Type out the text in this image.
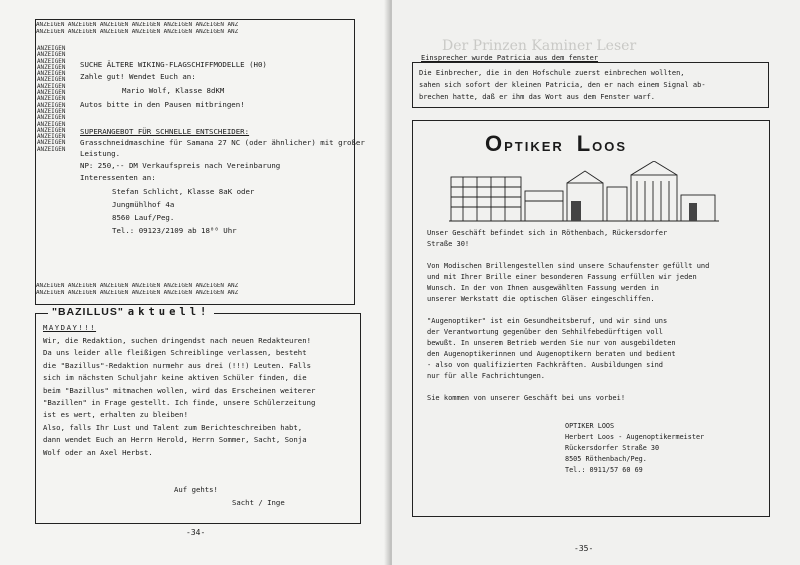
ANZEIGEN ANZEIGEN ANZEIGEN ANZEIGEN ANZEIGEN ANZEIGEN ANZ
ANZEIGEN ANZEIGEN ANZEIGEN ANZEIGEN ANZEIGEN ANZEIGEN ANZ
ANZEIGEN ANZEIGEN ANZEIGEN ANZEIGEN ANZEIGEN ANZEIGEN ANZEIGEN ANZEIGEN ANZEIGEN ANZEIGEN ANZEIGEN ANZEIGEN ANZEIGEN ANZEIGEN ANZEIGEN ANZEIGEN ANZEIGEN
ANZEIGEN ANZEIGEN ANZEIGEN ANZEIGEN ANZEIGEN ANZEIGEN ANZ
ANZEIGEN ANZEIGEN ANZEIGEN ANZEIGEN ANZEIGEN ANZEIGEN ANZ
SUCHE ÄLTERE WIKING-FLAGSCHIFFMODELLE (H0)
Zahle gut! Wendet Euch an:
Mario Wolf, Klasse 8dKM
Autos bitte in den Pausen mitbringen!
SUPERANGEBOT FÜR SCHNELLE ENTSCHEIDER:
Grasschneidmaschine für Samana 27 NC (oder ähnlicher) mit großer
Leistung.
NP: 250,-- DM Verkaufspreis nach Vereinbarung
Interessenten an:
Stefan Schlicht, Klasse 8aK oder
Jungmühlhof 4a
8560 Lauf/Peg.
Tel.: 09123/2109 ab 18⁰⁰ Uhr
"BAZILLUS" aktuell!
MAYDAY!!!
Wir, die Redaktion, suchen dringendst nach neuen Redakteuren!
Da uns leider alle fleißigen Schreiblinge verlassen, besteht
die "Bazillus"-Redaktion nurmehr aus drei (!!!) Leuten. Falls
sich im nächsten Schuljahr keine aktiven Schüler finden, die
beim "Bazillus" mitmachen wollen, wird das Erscheinen weiterer
"Bazillen" in Frage gestellt. Ich finde, unsere Schülerzeitung
ist es wert, erhalten zu bleiben!
Also, falls Ihr Lust und Talent zum Berichteschreiben habt,
dann wendet Euch an Herrn Herold, Herrn Sommer, Sacht, Sonja
Wolf oder an Axel Herbst.
Auf gehts!
Sacht / Inge
-34-
Der Prinzen Kaminer Leser
Einsprecher wurde Patricia aus dem fenster
Die Einbrecher, die in den Hofschule zuerst einbrechen wollten,
sahen sich sofort der kleinen Patricia, den er nach einem Signal ab-
brechen hatte, daß er ihm das Wort aus dem Fenster warf.
OPTIKER LOOS
Unser Geschäft befindet sich in Röthenbach, Rückersdorfer
Straße 30!
Von Modischen Brillengestellen sind unsere Schaufenster gefüllt und
und mit Ihrer Brille einer besonderen Fassung erfüllen wir jeden
Wunsch. In der von Ihnen ausgewählten Fassung werden in
unserer Werkstatt die optischen Gläser eingeschliffen.
"Augenoptiker" ist ein Gesundheitsberuf, und wir sind uns
der Verantwortung gegenüber den Sehhilfebedürftigen voll
bewußt. In unserem Betrieb werden Sie nur von ausgebildeten
den Augenoptikerinnen und Augenoptikern beraten und bedient
- also von qualifizierten Fachkräften. Ausbildungen sind
nur für alle Fachrichtungen.
Sie kommen von unserer Geschäft bei uns vorbei!
OPTIKER LOOS
Herbert Loos - Augenoptikermeister
Rückersdorfer Straße 30
8505 Röthenbach/Peg.
Tel.: 0911/57 60 69
-35-
